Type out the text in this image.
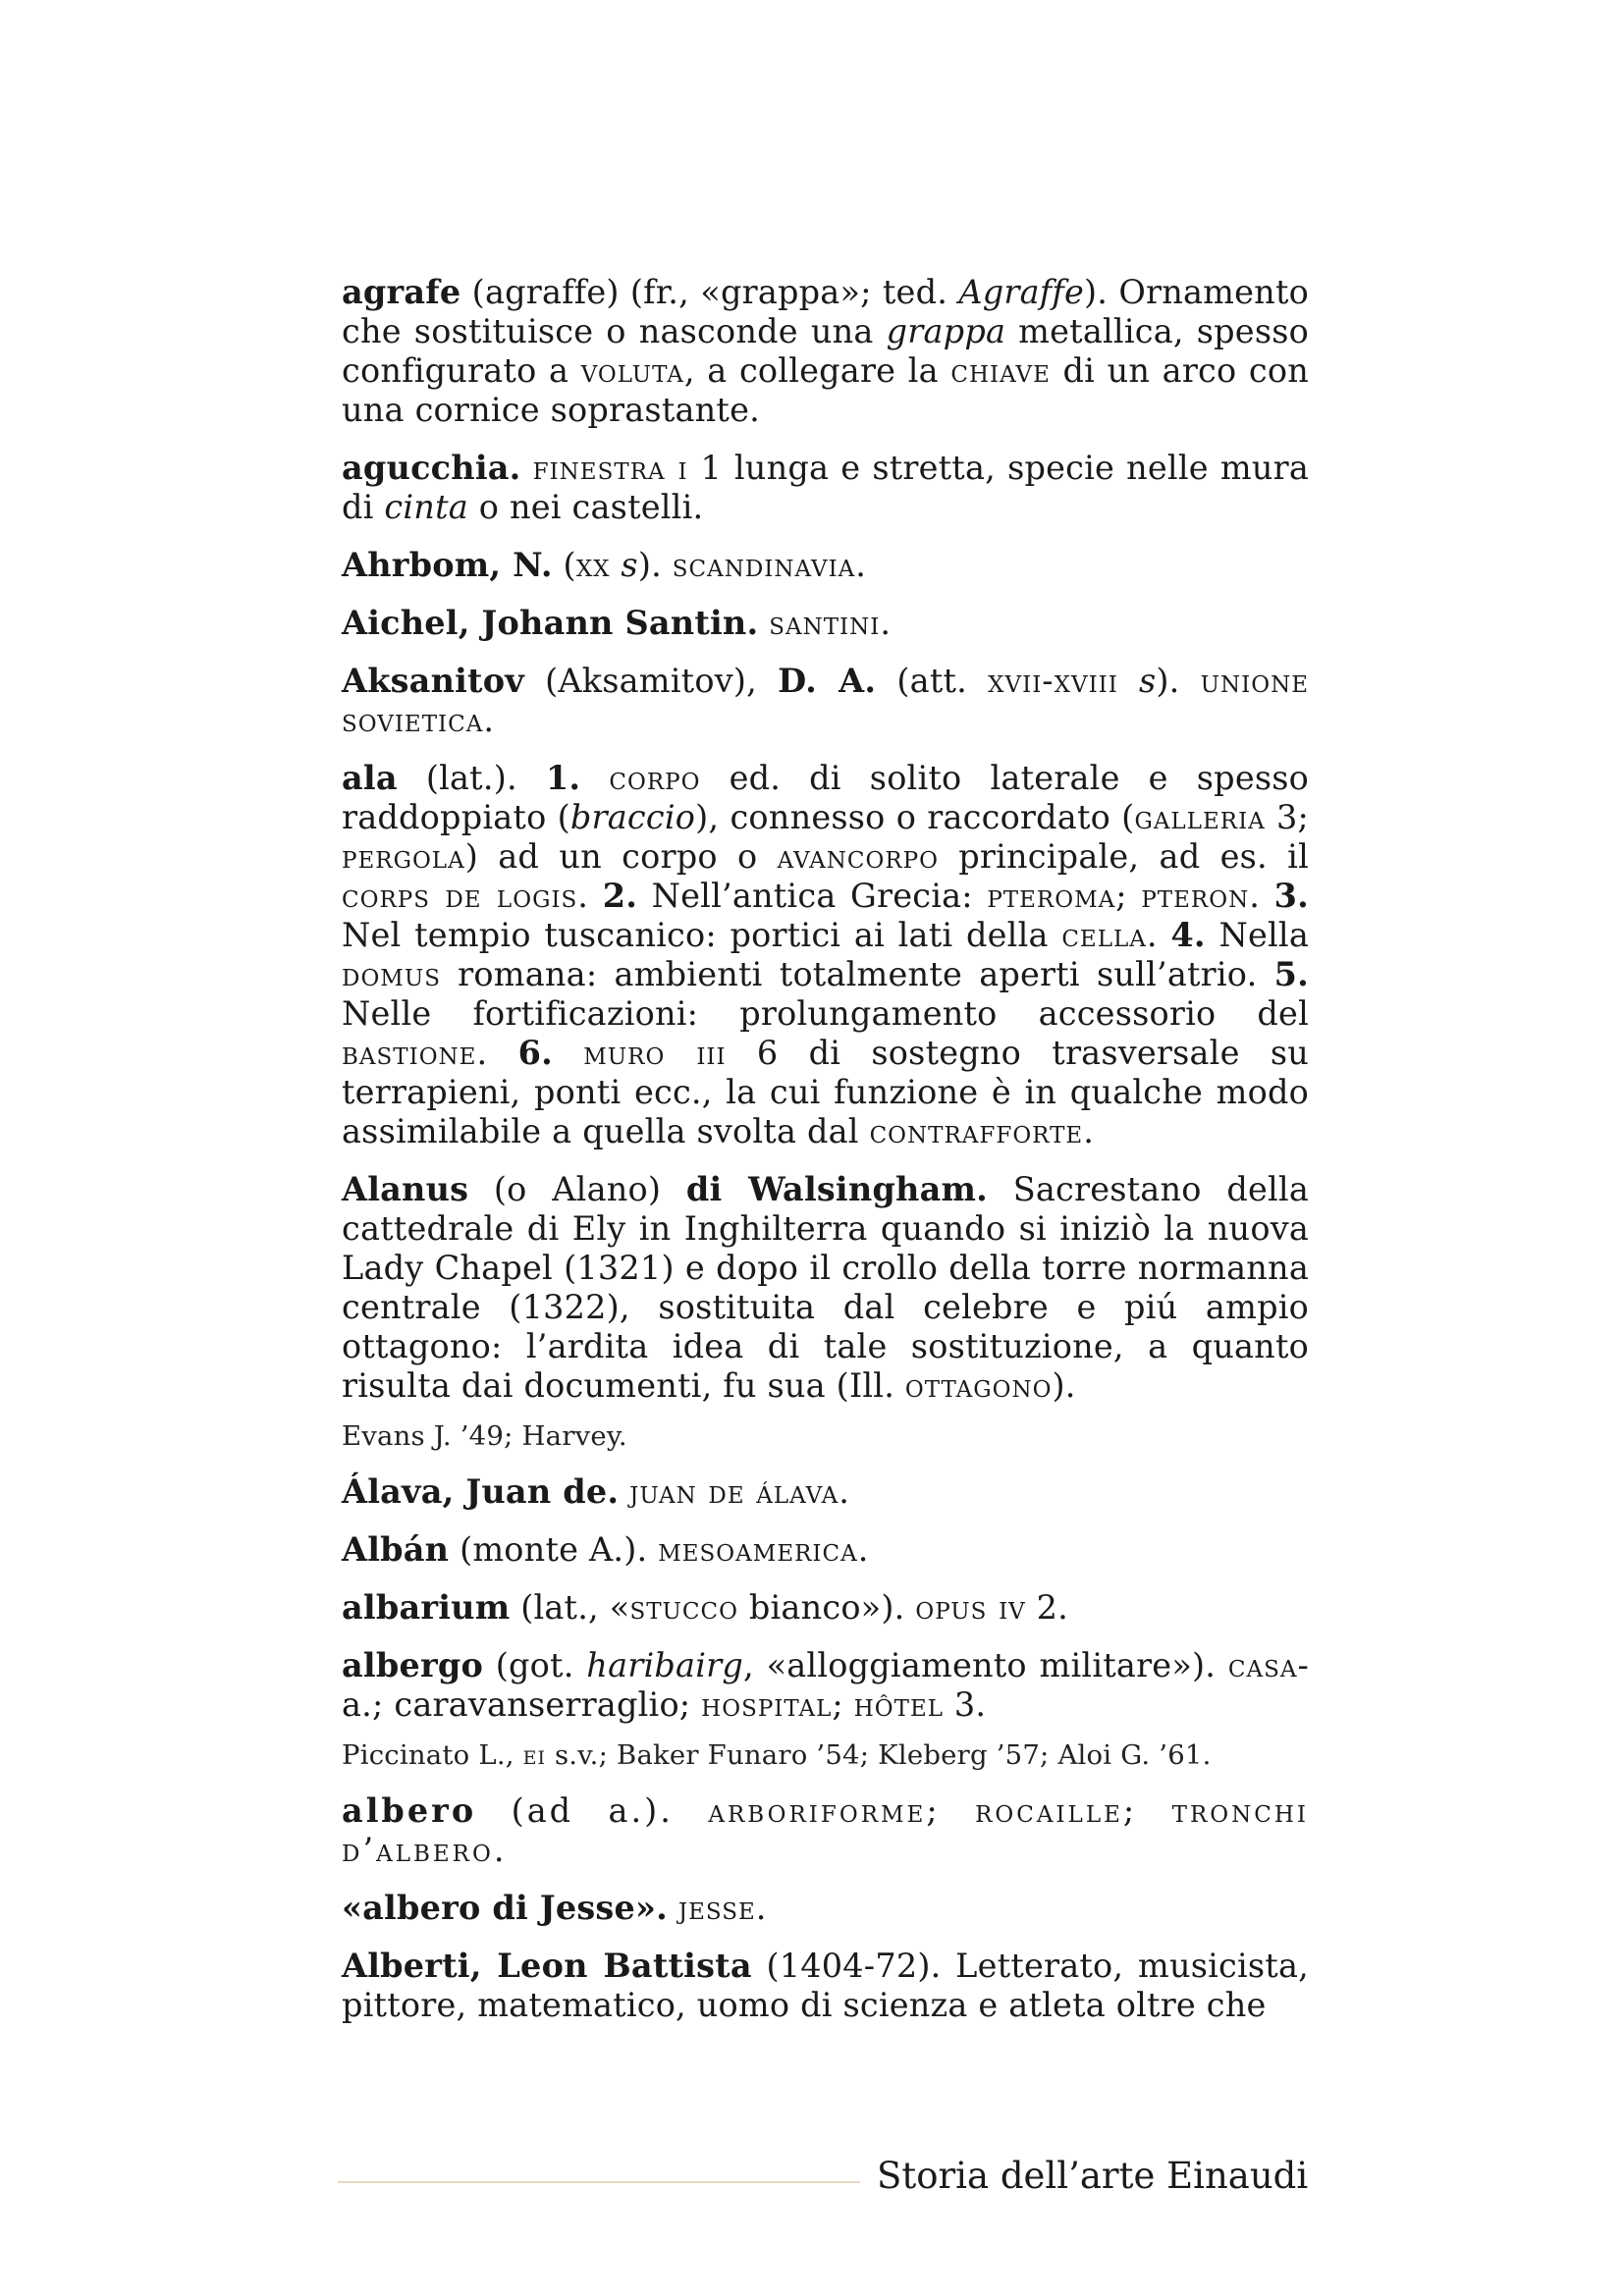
agrafe (agraffe) (fr., «grappa»; ted. Agraffe). Ornamento che sostituisce o nasconde una grappa metallica, spesso configurato a voluta, a collegare la chiave di un arco con una cornice soprastante.

agucchia. finestra i 1 lunga e stretta, specie nelle mura di cinta o nei castelli.

Ahrbom, N. (xx s). scandinavia.

Aichel, Johann Santin. santini.

Aksanitov (Aksamitov), D. A. (att. xvii-xviii s). unione sovietica.

ala (lat.). 1. corpo ed. di solito laterale e spesso raddoppiato (braccio), connesso o raccordato (galleria 3; pergola) ad un corpo o avancorpo principale, ad es. il corps de logis. 2. Nell’antica Grecia: pteroma; pteron. 3. Nel tempio tuscanico: portici ai lati della cella. 4. Nella domus romana: ambienti totalmente aperti sull’atrio. 5. Nelle fortificazioni: prolungamento accessorio del bastione. 6. muro iii 6 di sostegno trasversale su terrapieni, ponti ecc., la cui funzione è in qualche modo assimilabile a quella svolta dal contrafforte.

Alanus (o Alano) di Walsingham. Sacrestano della cattedrale di Ely in Inghilterra quando si iniziò la nuova Lady Chapel (1321) e dopo il crollo della torre normanna centrale (1322), sostituita dal celebre e piú ampio ottagono: l’ardita idea di tale sostituzione, a quanto risulta dai documenti, fu sua (Ill. ottagono).

Evans J. ’49; Harvey.

Álava, Juan de. juan de álava.

Albán (monte A.). mesoamerica.

albarium (lat., «stucco bianco»). opus iv 2.

albergo (got. haribairg, «alloggiamento militare»). casa-a.; caravanserraglio; hospital; hôtel 3.

Piccinato L., ei s.v.; Baker Funaro ’54; Kleberg ’57; Aloi G. ’61.

albero (ad a.). arboriforme; rocaille; tronchi d’albero.

«albero di Jesse». jesse.

Alberti, Leon Battista (1404-72). Letterato, musicista, pittore, matematico, uomo di scienza e atleta oltre che

Storia dell’arte Einaudi
